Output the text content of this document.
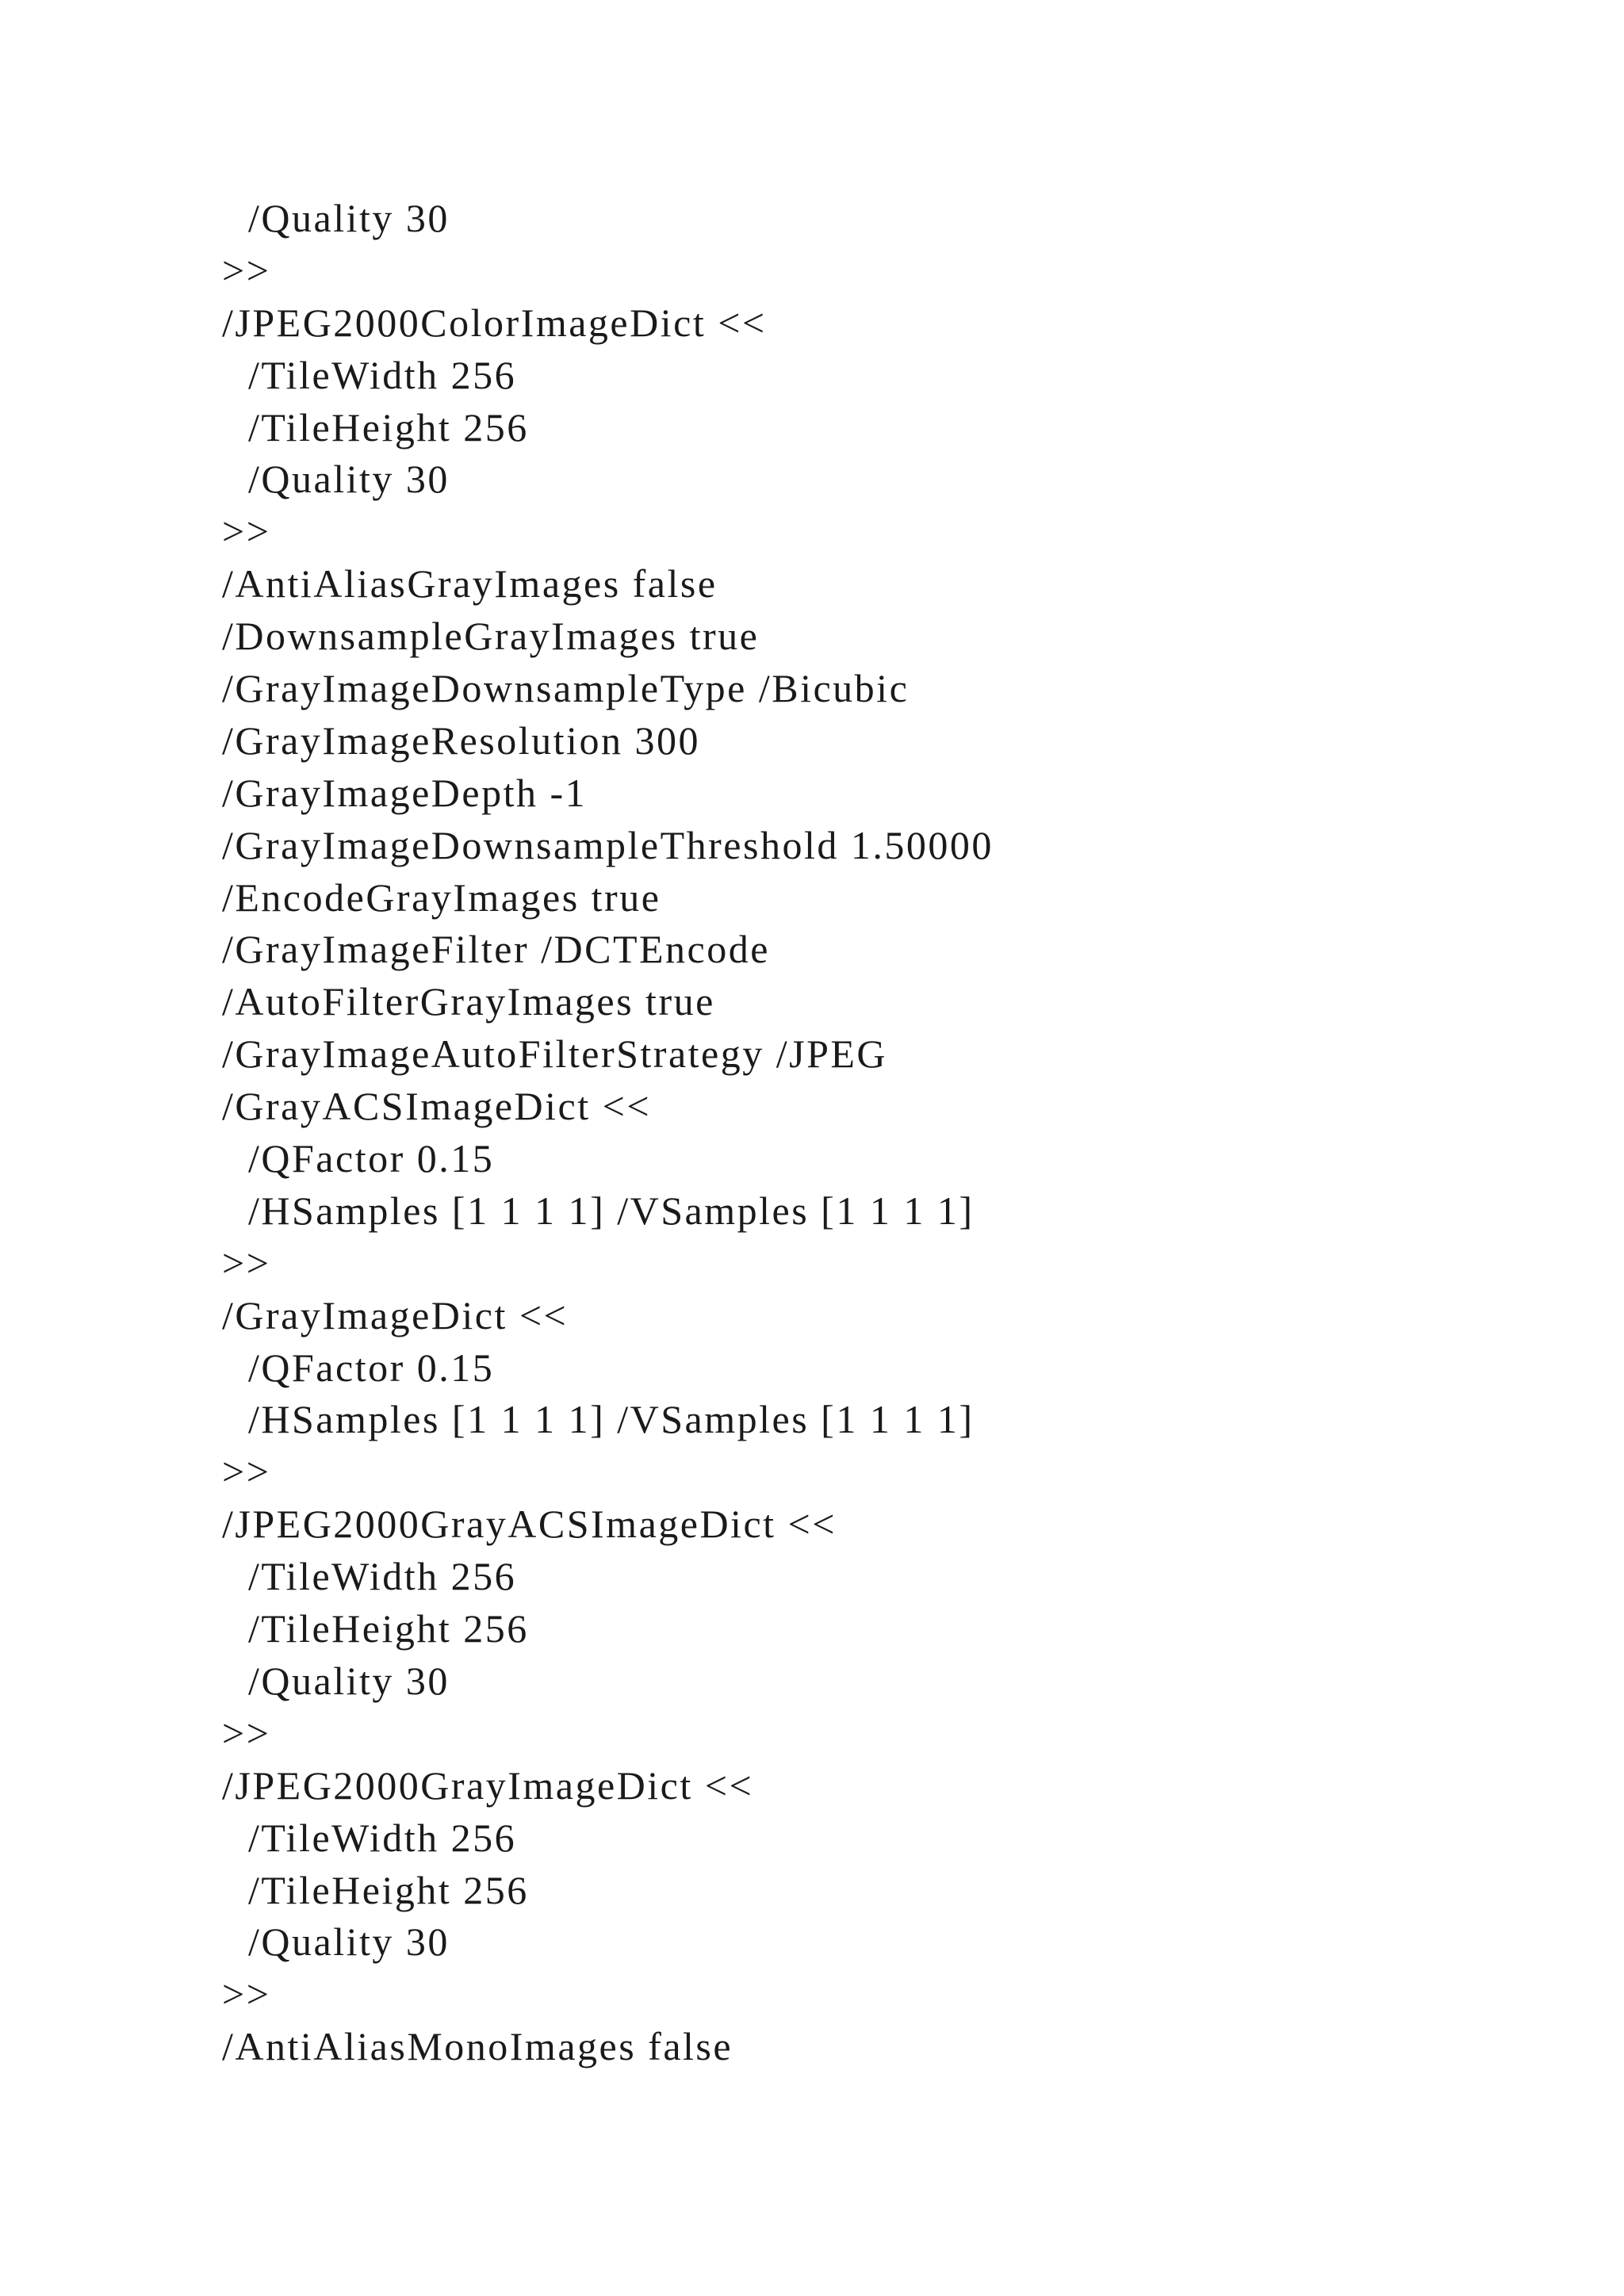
/Quality 30
>>
/JPEG2000ColorImageDict <<
/TileWidth 256
/TileHeight 256
/Quality 30
>>
/AntiAliasGrayImages false
/DownsampleGrayImages true
/GrayImageDownsampleType /Bicubic
/GrayImageResolution 300
/GrayImageDepth -1
/GrayImageDownsampleThreshold 1.50000
/EncodeGrayImages true
/GrayImageFilter /DCTEncode
/AutoFilterGrayImages true
/GrayImageAutoFilterStrategy /JPEG
/GrayACSImageDict <<
/QFactor 0.15
/HSamples [1 1 1 1] /VSamples [1 1 1 1]
>>
/GrayImageDict <<
/QFactor 0.15
/HSamples [1 1 1 1] /VSamples [1 1 1 1]
>>
/JPEG2000GrayACSImageDict <<
/TileWidth 256
/TileHeight 256
/Quality 30
>>
/JPEG2000GrayImageDict <<
/TileWidth 256
/TileHeight 256
/Quality 30
>>
/AntiAliasMonoImages false
